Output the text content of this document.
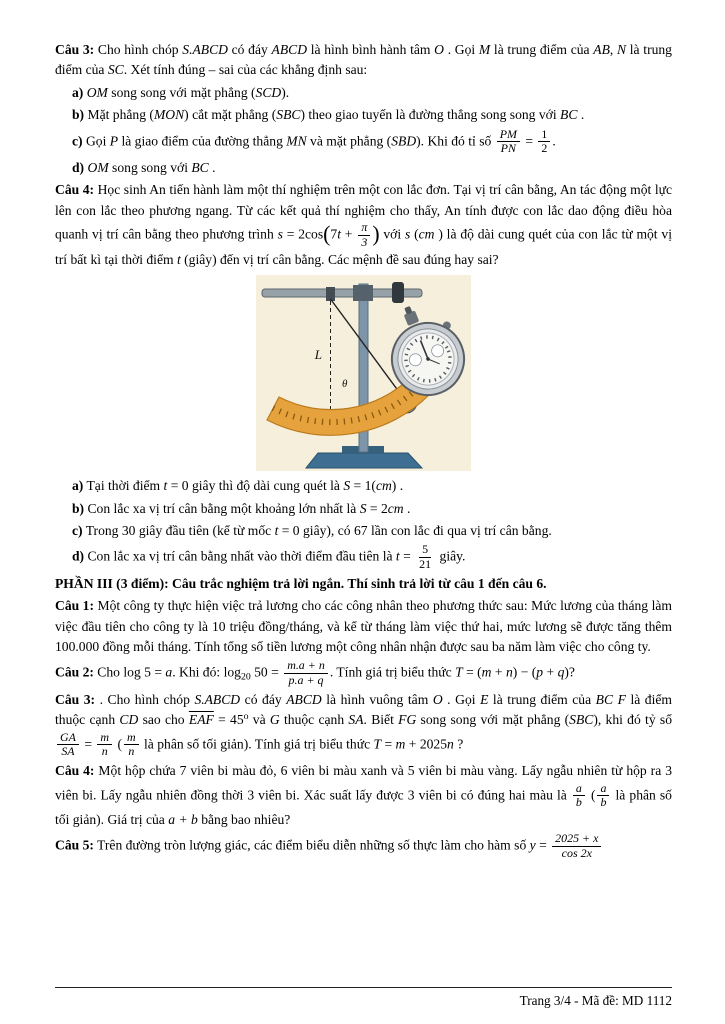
Câu 3: Cho hình chóp S.ABCD có đáy ABCD là hình bình hành tâm O . Gọi M là trung điểm của AB, N là trung điểm của SC. Xét tính đúng – sai của các khẳng định sau:
a) OM song song với mặt phẳng (SCD).
b) Mặt phẳng (MON) cắt mặt phẳng (SBC) theo giao tuyến là đường thẳng song song với BC .
c) Gọi P là giao điểm của đường thẳng MN và mặt phẳng (SBD). Khi đó tỉ số $\frac{PM}{PN} = \frac{1}{2}$ .
d) OM song song với BC .
Câu 4: Học sinh An tiến hành làm một thí nghiệm trên một con lắc đơn. Tại vị trí cân bằng, An tác động một lực lên con lắc theo phương ngang. Từ các kết quả thí nghiệm cho thấy, An tính được con lắc dao động điều hòa quanh vị trí cân bằng theo phương trình $s = 2\cos(7t + \frac{\pi}{3}$ ) với s (cm ) là độ dài cung quét của con lắc từ một vị trí bất kì tại thời điểm t (giây) đến vị trí cân bằng. Các mệnh đề sau đúng hay sai?
L
θ
a) Tại thời điểm t = 0 giây thì độ dài cung quét là S = 1(cm) .
b) Con lắc xa vị trí cân bằng một khoảng lớn nhất là S = 2cm .
c) Trong 30 giây đầu tiên (kể từ mốc t = 0 giây), có 67 lần con lắc đi qua vị trí cân bằng.
d) Con lắc xa vị trí cân bằng nhất vào thời điểm đầu tiên là $t = \frac{5}{21}$ giây.
PHẦN III (3 điểm): Câu trắc nghiệm trả lời ngắn. Thí sinh trả lời từ câu 1 đến câu 6.
Câu 1: Một công ty thực hiện việc trả lương cho các công nhân theo phương thức sau: Mức lương của tháng làm việc đầu tiên cho công ty là 10 triệu đồng/tháng, và kể từ tháng làm việc thứ hai, mức lương sẽ được tăng thêm 100.000 đồng mỗi tháng. Tính tổng số tiền lương một công nhân nhận được sau ba năm làm việc cho công ty.
Câu 2: Cho log 5 = a. Khi đó: $\log_{20} 50 = \frac{m.a + n}{p.a + q}$ . Tính giá trị biểu thức T = (m + n) − (p + q)?
Câu 3: . Cho hình chóp S.ABCD có đáy ABCD là hình vuông tâm O . Gọi E là trung điểm của BC F là điểm thuộc cạnh CD sao cho $\overline{EAF} = 45^o$ và G thuộc cạnh SA. Biết FG song song với mặt phẳng (SBC), khi đó tỷ số
$\frac{GA}{SA} = \frac{m}{n}$ ( $\frac{m}{n}$ là phân số tối giản). Tính giá trị biểu thức T = m + 2025n ?
Câu 4: Một hộp chứa 7 viên bi màu đỏ, 6 viên bi màu xanh và 5 viên bi màu vàng. Lấy ngẫu nhiên từ hộp ra 3 viên bi. Lấy ngẫu nhiên đồng thời 3 viên bi. Xác suất lấy được 3 viên bi có đúng hai màu là $\frac{a}{b}$ ( $\frac{a}{b}$ là phân số tối giản). Giá trị của a + b bằng bao nhiêu?
Câu 5: Trên đường tròn lượng giác, các điểm biểu diễn những số thực làm cho hàm số $y = \frac{2025 + x}{\cos 2x}$
Trang 3/4 - Mã đề: MD 1112
